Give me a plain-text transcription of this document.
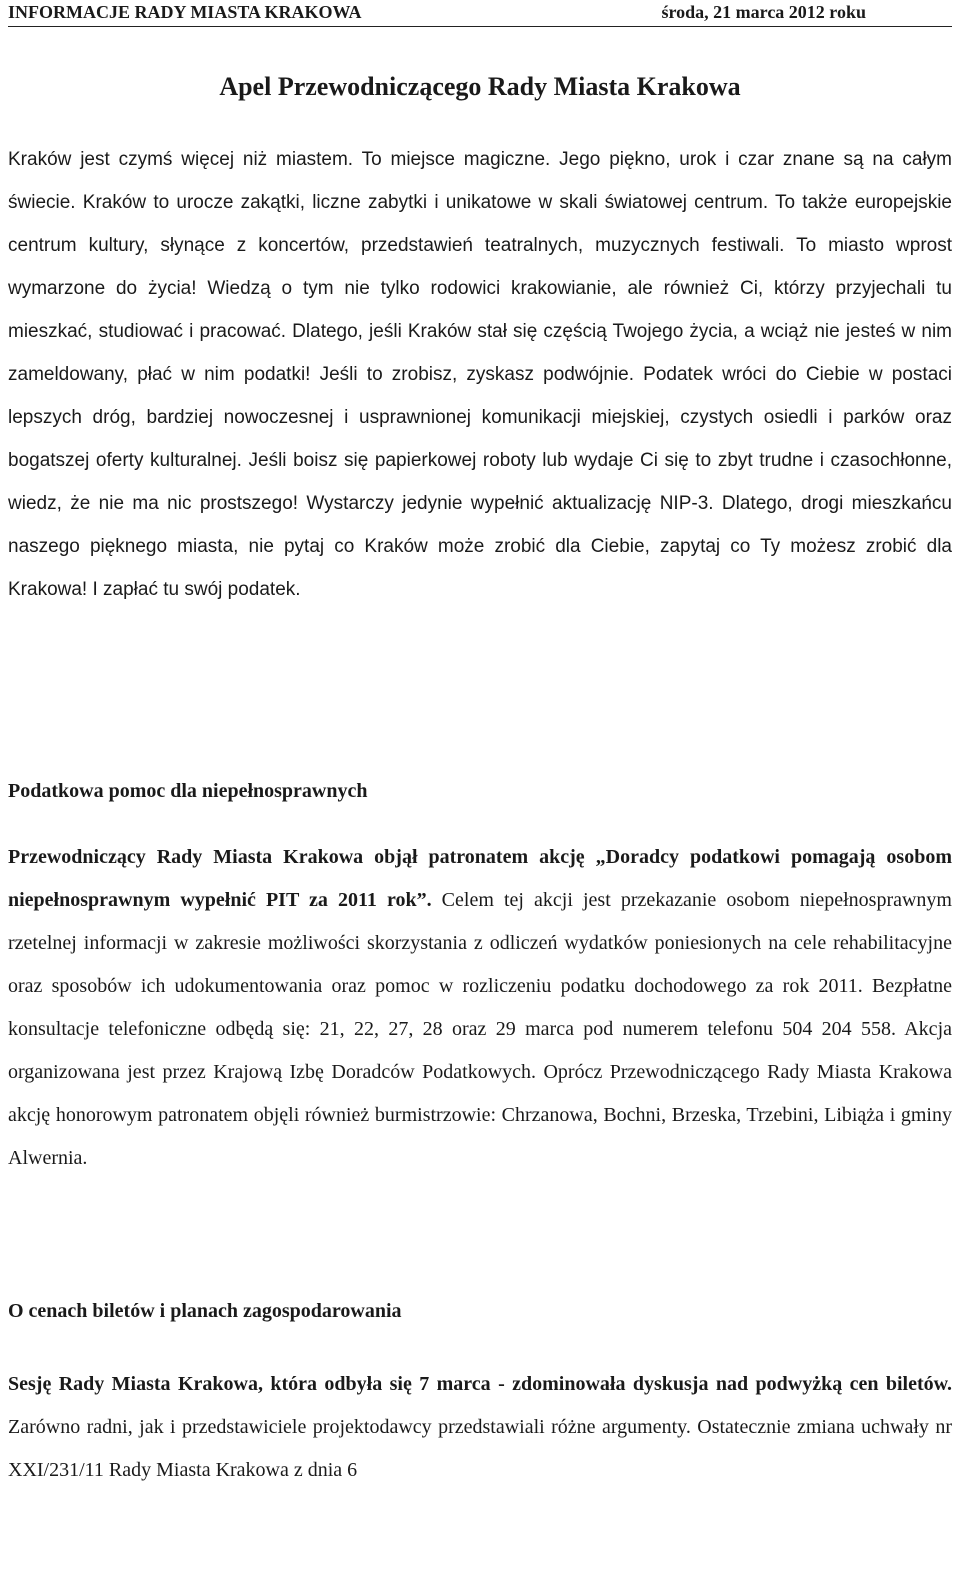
INFORMACJE RADY MIASTA KRAKOWA	środa, 21 marca 2012 roku
Apel Przewodniczącego Rady Miasta Krakowa

Kraków jest czymś więcej niż miastem. To miejsce magiczne. Jego piękno, urok i czar znane są na całym świecie. Kraków to urocze zakątki, liczne zabytki i unikatowe w skali światowej centrum. To także europejskie centrum kultury, słynące z koncertów, przedstawień teatralnych, muzycznych festiwali. To miasto wprost wymarzone do życia! Wiedzą o tym nie tylko rodowici krakowianie, ale również Ci, którzy przyjechali tu mieszkać, studiować i pracować. Dlatego, jeśli Kraków stał się częścią Twojego życia, a wciąż nie jesteś w nim zameldowany, płać w nim podatki! Jeśli to zrobisz, zyskasz podwójnie. Podatek wróci do Ciebie w postaci lepszych dróg, bardziej nowoczesnej i usprawnionej komunikacji miejskiej, czystych osiedli i parków oraz bogatszej oferty kulturalnej. Jeśli boisz się papierkowej roboty lub wydaje Ci się to zbyt trudne i czasochłonne, wiedz, że nie ma nic prostszego! Wystarczy jedynie wypełnić aktualizację NIP-3. Dlatego, drogi mieszkańcu naszego pięknego miasta, nie pytaj co Kraków może zrobić dla Ciebie, zapytaj co Ty możesz zrobić dla Krakowa! I zapłać tu swój podatek.

Podatkowa pomoc dla niepełnosprawnych

Przewodniczący Rady Miasta Krakowa objął patronatem akcję „Doradcy podatkowi pomagają osobom niepełnosprawnym wypełnić PIT za 2011 rok”. Celem tej akcji jest przekazanie osobom niepełnosprawnym rzetelnej informacji w zakresie możliwości skorzystania z odliczeń wydatków poniesionych na cele rehabilitacyjne oraz sposobów ich udokumentowania oraz pomoc w rozliczeniu podatku dochodowego za rok 2011. Bezpłatne konsultacje telefoniczne odbędą się: 21, 22, 27, 28 oraz 29 marca pod numerem telefonu 504 204 558. Akcja organizowana jest przez Krajową Izbę Doradców Podatkowych. Oprócz Przewodniczącego Rady Miasta Krakowa akcję honorowym patronatem objęli również burmistrzowie: Chrzanowa, Bochni, Brzeska, Trzebini, Libiąża i gminy Alwernia.

O cenach biletów i planach zagospodarowania

Sesję Rady Miasta Krakowa, która odbyła się 7 marca - zdominowała dyskusja nad podwyżką cen biletów. Zarówno radni, jak i przedstawiciele projektodawcy przedstawiali różne argumenty. Ostatecznie zmiana uchwały nr XXI/231/11 Rady Miasta Krakowa z dnia 6
